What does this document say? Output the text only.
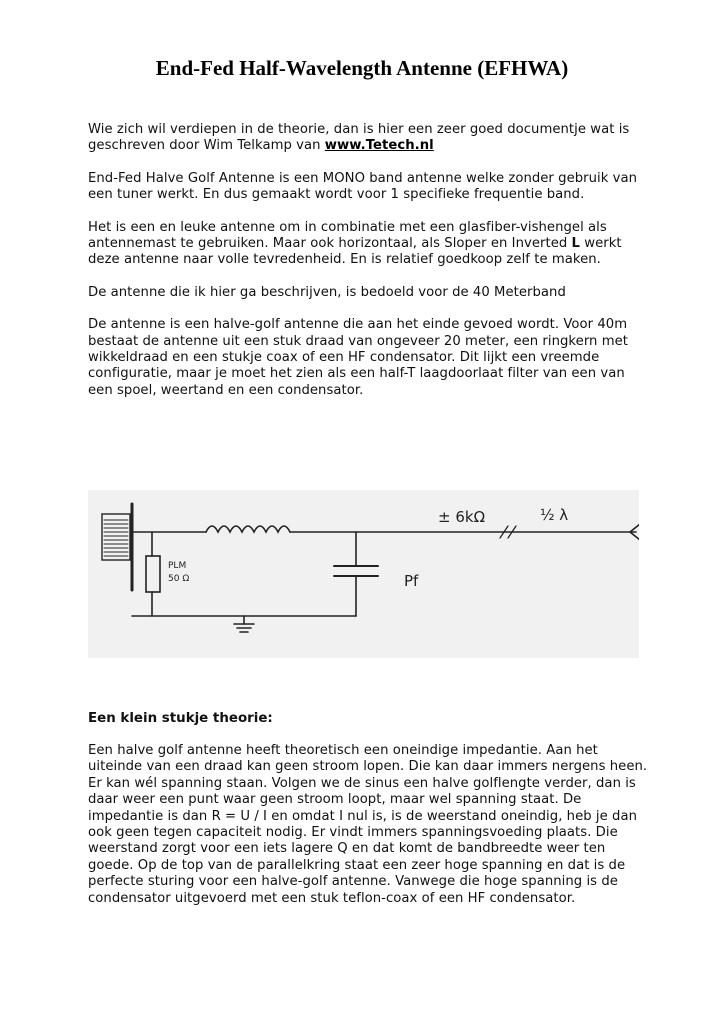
End-Fed Half-Wavelength Antenne (EFHWA)

Wie zich wil verdiepen in de theorie, dan is hier een zeer goed documentje wat is geschreven door Wim Telkamp van www.Tetech.nl

End-Fed Halve Golf Antenne is een MONO band antenne welke zonder gebruik van een tuner werkt. En dus gemaakt wordt voor 1 specifieke frequentie band.

Het is een en leuke antenne om in combinatie met een glasfiber-vishengel als antennemast te gebruiken. Maar ook horizontaal, als Sloper en Inverted L werkt deze antenne naar volle tevredenheid. En is relatief goedkoop zelf te maken.

De antenne die ik hier ga beschrijven, is bedoeld voor de 40 Meterband

De antenne is een halve-golf antenne die aan het einde gevoed wordt. Voor 40m bestaat de antenne uit een stuk draad van ongeveer 20 meter, een ringkern met wikkeldraad en een stukje coax of een HF condensator. Dit lijkt een vreemde configuratie, maar je moet het zien als een half-T laagdoorlaat filter van een van een spoel, weertand en een condensator.

PLM
50 Ω	Pf
± 6kΩ	½ λ

Een klein stukje theorie:

Een halve golf antenne heeft theoretisch een oneindige impedantie. Aan het uiteinde van een draad kan geen stroom lopen. Die kan daar immers nergens heen. Er kan wél spanning staan. Volgen we de sinus een halve golflengte verder, dan is daar weer een punt waar geen stroom loopt, maar wel spanning staat. De impedantie is dan R = U / I en omdat I nul is, is de weerstand oneindig, heb je dan ook geen tegen capaciteit nodig. Er vindt immers spanningsvoeding plaats. Die weerstand zorgt voor een iets lagere Q en dat komt de bandbreedte weer ten goede. Op de top van de parallelkring staat een zeer hoge spanning en dat is de perfecte sturing voor een halve-golf antenne. Vanwege die hoge spanning is de condensator uitgevoerd met een stuk teflon-coax of een HF condensator.
